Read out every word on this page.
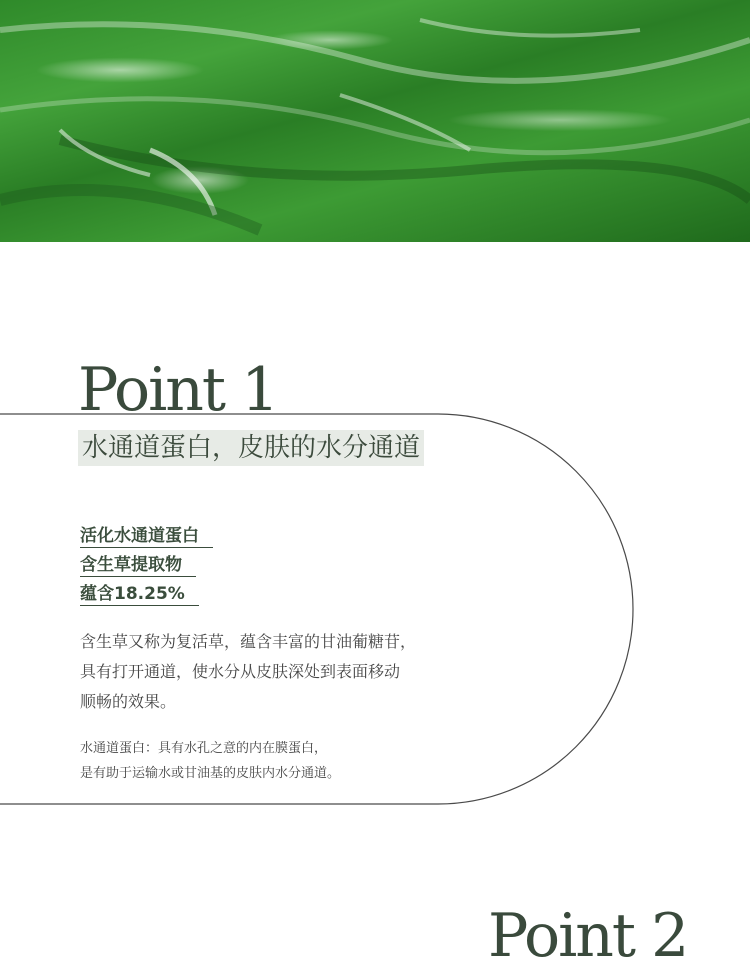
Point 1
水通道蛋白，皮肤的水分通道
活化水通道蛋白
含生草提取物
蕴含18.25%

含生草又称为复活草，蕴含丰富的甘油葡糖苷，
具有打开通道，使水分从皮肤深处到表面移动
顺畅的效果。

水通道蛋白：具有水孔之意的内在膜蛋白，
是有助于运输水或甘油基的皮肤内水分通道。

Point 2
